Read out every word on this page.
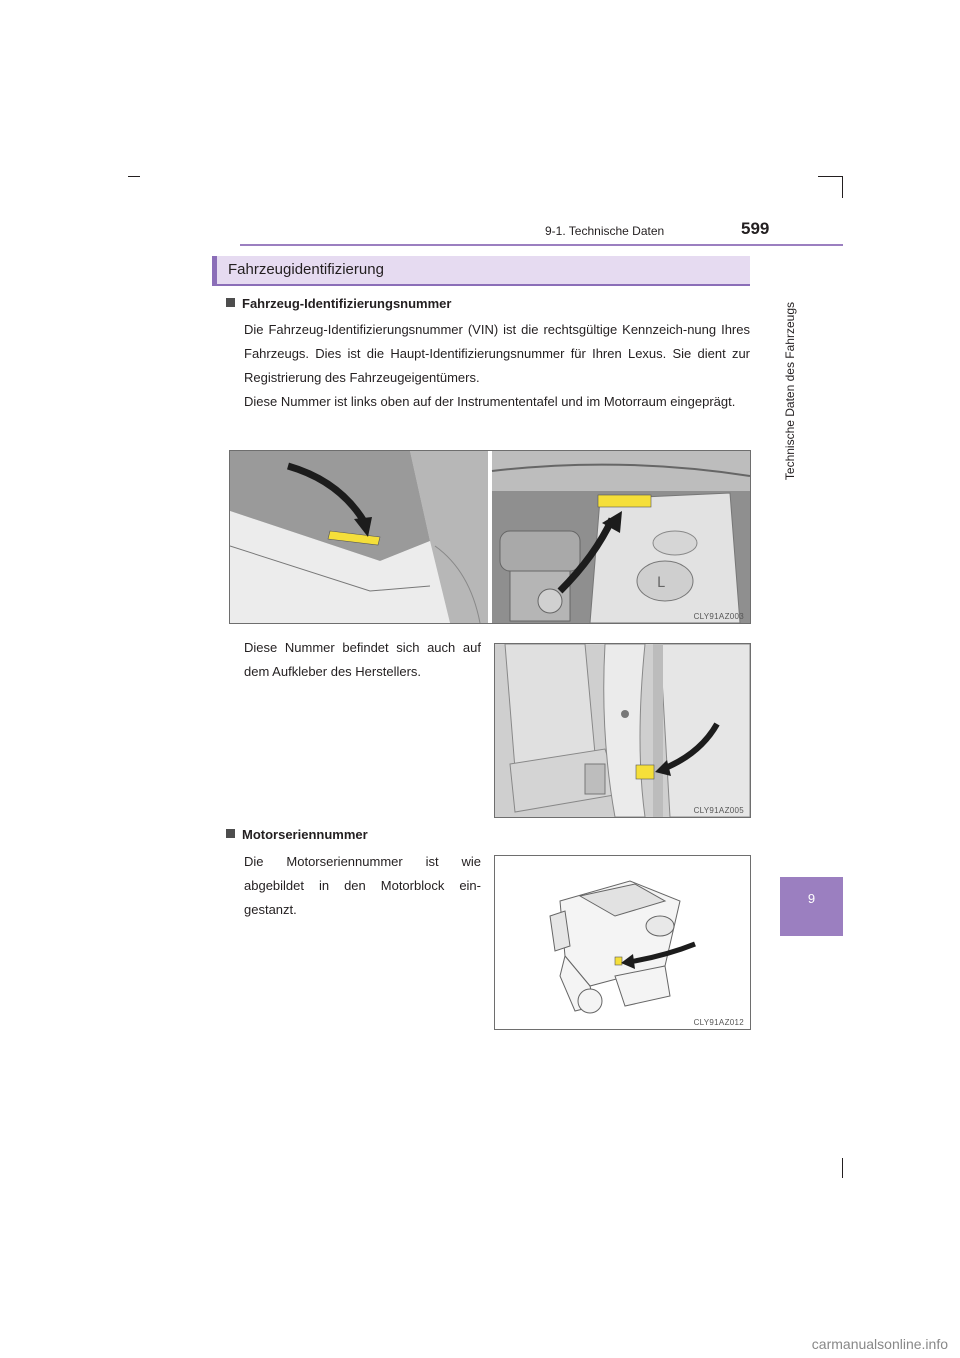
9-1. Technische Daten	599
Technische Daten des Fahrzeugs
9
Fahrzeugidentifizierung
Fahrzeug-Identifizierungsnummer
Die Fahrzeug-Identifizierungsnummer (VIN) ist die rechtsgültige Kennzeich-nung Ihres Fahrzeugs. Dies ist die Haupt-Identifizierungsnummer für Ihren Lexus. Sie dient zur Registrierung des Fahrzeugeigentümers.
Diese Nummer ist links oben auf der Instrumententafel und im Motorraum eingeprägt.
L
CLY91AZ003
Diese Nummer befindet sich auch auf dem Aufkleber des Herstellers.
CLY91AZ005
Motorseriennummer
Die Motorseriennummer ist wie abgebildet in den Motorblock ein-gestanzt.
CLY91AZ012
carmanualsonline.info
